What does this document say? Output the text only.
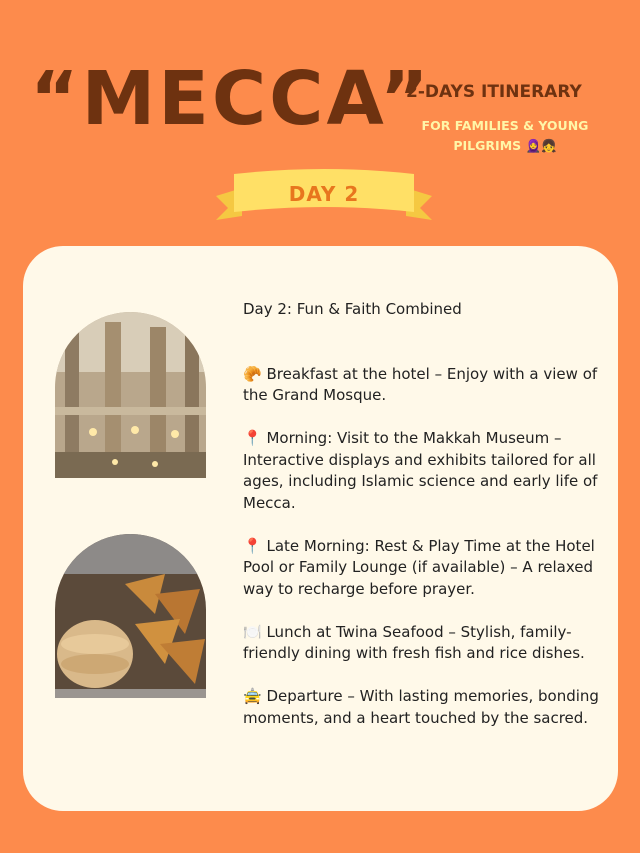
“MECCA”
2-DAYS ITINERARY
FOR FAMILIES & YOUNG
PILGRIMS 🧕👧
DAY 2
Day 2: Fun & Faith Combined
🥐 Breakfast at the hotel – Enjoy with a view of the Grand Mosque.
📍 Morning: Visit to the Makkah Museum – Interactive displays and exhibits tailored for all ages, including Islamic science and early life of Mecca.
📍 Late Morning: Rest & Play Time at the Hotel Pool or Family Lounge (if available) – A relaxed way to recharge before prayer.
🍽️ Lunch at Twina Seafood – Stylish, family-friendly dining with fresh fish and rice dishes.
🚖 Departure – With lasting memories, bonding moments, and a heart touched by the sacred.
